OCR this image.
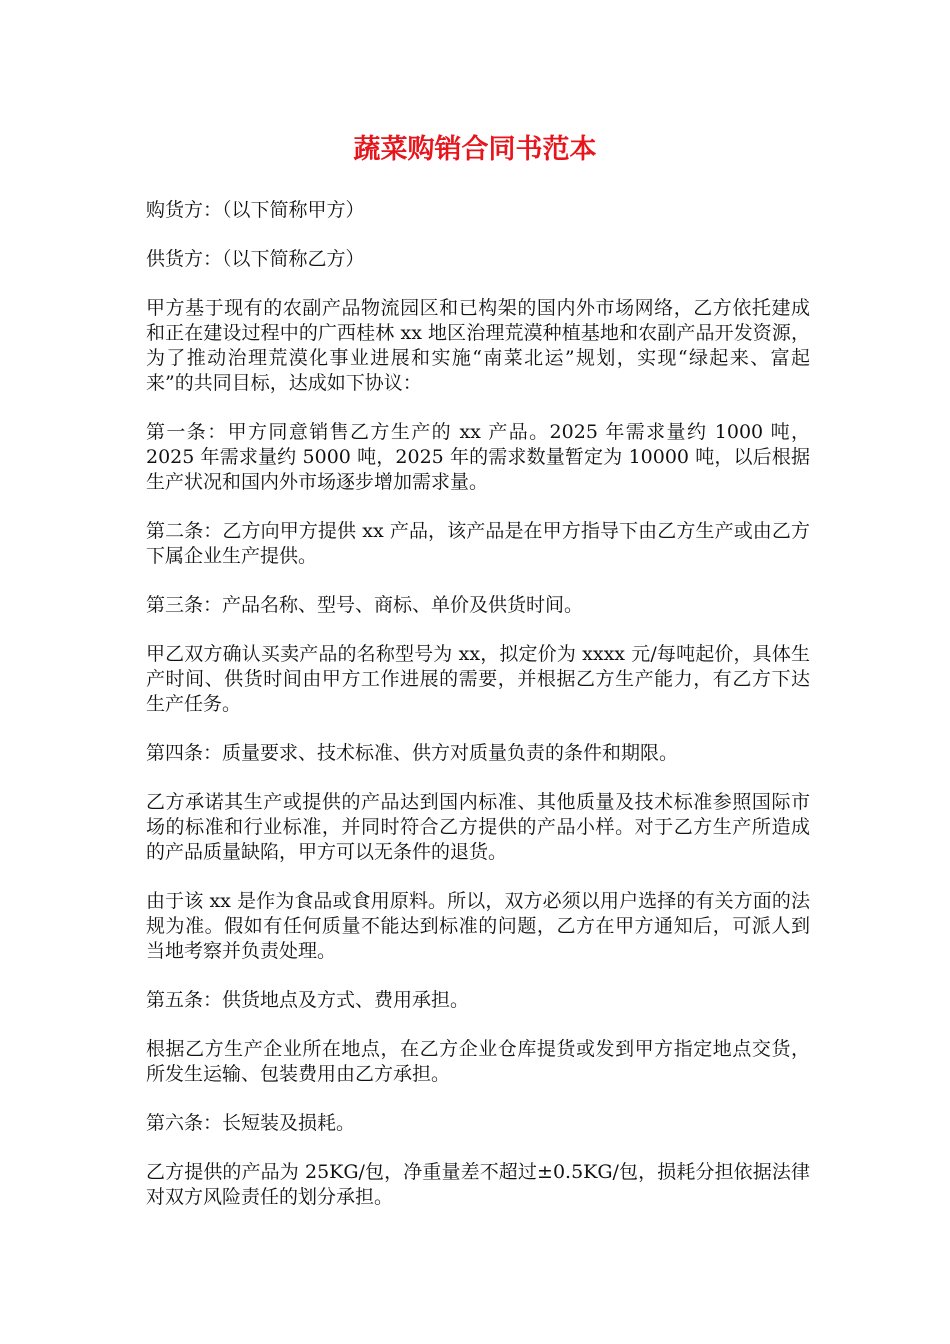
蔬菜购销合同书范本

购货方：（以下简称甲方）

供货方：（以下简称乙方）

甲方基于现有的农副产品物流园区和已构架的国内外市场网络，乙方依托建成和正在建设过程中的广西桂林 xx 地区治理荒漠种植基地和农副产品开发资源，为了推动治理荒漠化事业进展和实施“南菜北运”规划，实现“绿起来、富起来”的共同目标，达成如下协议：

第一条：甲方同意销售乙方生产的 xx 产品。2025 年需求量约 1000 吨，2025 年需求量约 5000 吨，2025 年的需求数量暂定为 10000 吨，以后根据生产状况和国内外市场逐步增加需求量。

第二条：乙方向甲方提供 xx 产品，该产品是在甲方指导下由乙方生产或由乙方下属企业生产提供。

第三条：产品名称、型号、商标、单价及供货时间。

甲乙双方确认买卖产品的名称型号为 xx，拟定价为 xxxx 元/每吨起价，具体生产时间、供货时间由甲方工作进展的需要，并根据乙方生产能力，有乙方下达生产任务。

第四条：质量要求、技术标准、供方对质量负责的条件和期限。

乙方承诺其生产或提供的产品达到国内标准、其他质量及技术标准参照国际市场的标准和行业标准，并同时符合乙方提供的产品小样。对于乙方生产所造成的产品质量缺陷，甲方可以无条件的退货。

由于该 xx 是作为食品或食用原料。所以，双方必须以用户选择的有关方面的法规为准。假如有任何质量不能达到标准的问题，乙方在甲方通知后，可派人到当地考察并负责处理。

第五条：供货地点及方式、费用承担。

根据乙方生产企业所在地点，在乙方企业仓库提货或发到甲方指定地点交货，所发生运输、包装费用由乙方承担。

第六条：长短装及损耗。

乙方提供的产品为 25KG/包，净重量差不超过±0.5KG/包，损耗分担依据法律对双方风险责任的划分承担。
